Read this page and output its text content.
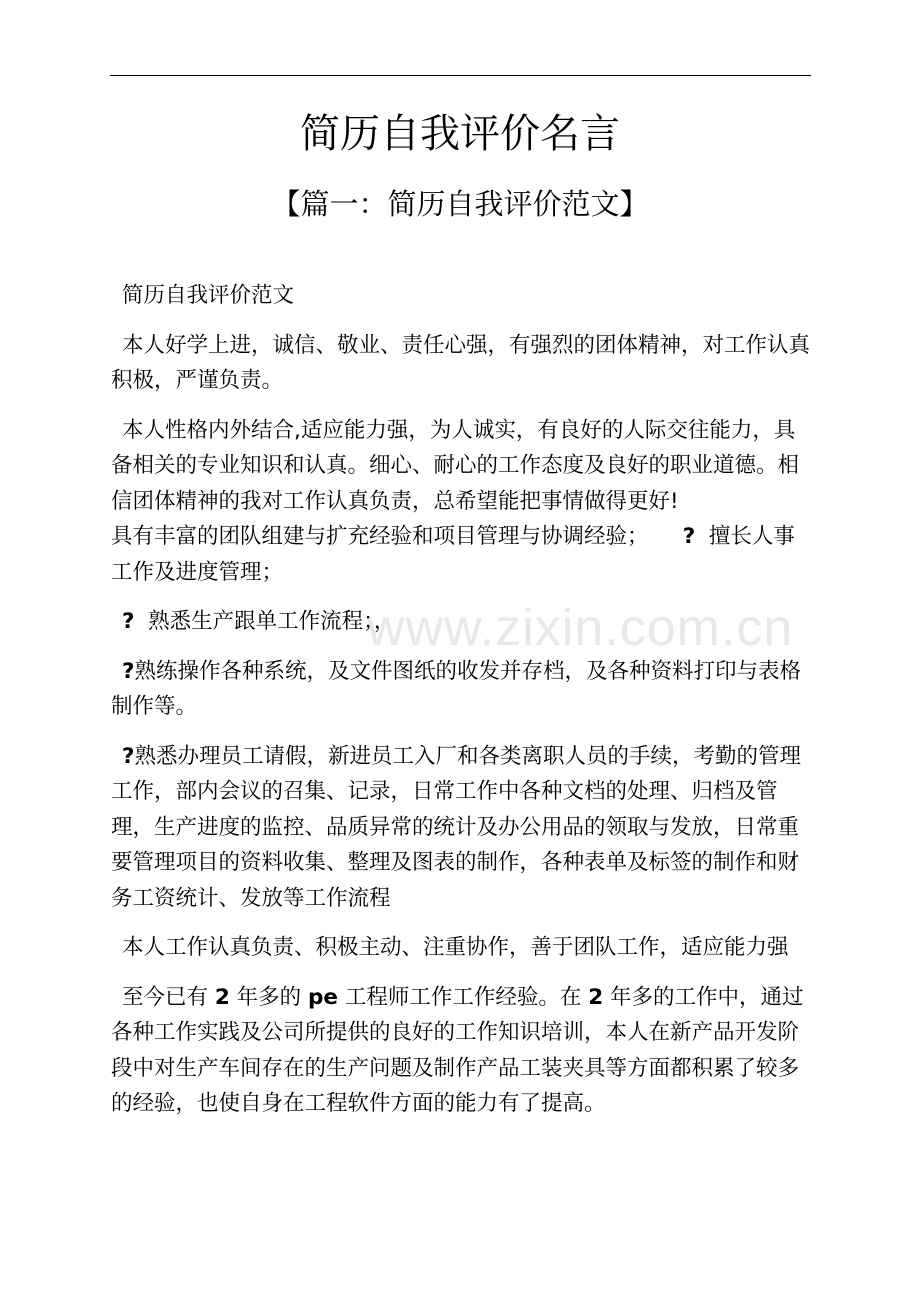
简历自我评价名言
【篇一：简历自我评价范文】

简历自我评价范文

本人好学上进，诚信、敬业、责任心强，有强烈的团体精神，对工作认真积极，严谨负责。

本人性格内外结合,适应能力强，为人诚实，有良好的人际交往能力，具备相关的专业知识和认真。细心、耐心的工作态度及良好的职业道德。相信团体精神的我对工作认真负责，总希望能把事情做得更好!

具有丰富的团队组建与扩充经验和项目管理与协调经验； ? 擅长人事工作及进度管理；

? 熟悉生产跟单工作流程；，

?熟练操作各种系统，及文件图纸的收发并存档，及各种资料打印与表格制作等。

?熟悉办理员工请假，新进员工入厂和各类离职人员的手续，考勤的管理工作，部内会议的召集、记录，日常工作中各种文档的处理、归档及管理，生产进度的监控、品质异常的统计及办公用品的领取与发放，日常重要管理项目的资料收集、整理及图表的制作，各种表单及标签的制作和财务工资统计、发放等工作流程

本人工作认真负责、积极主动、注重协作，善于团队工作，适应能力强

至今已有 2 年多的 pe 工程师工作工作经验。在 2 年多的工作中，通过各种工作实践及公司所提供的良好的工作知识培训，本人在新产品开发阶段中对生产车间存在的生产问题及制作产品工装夹具等方面都积累了较多的经验，也使自身在工程软件方面的能力有了提高。

www.zixin.com.cn
